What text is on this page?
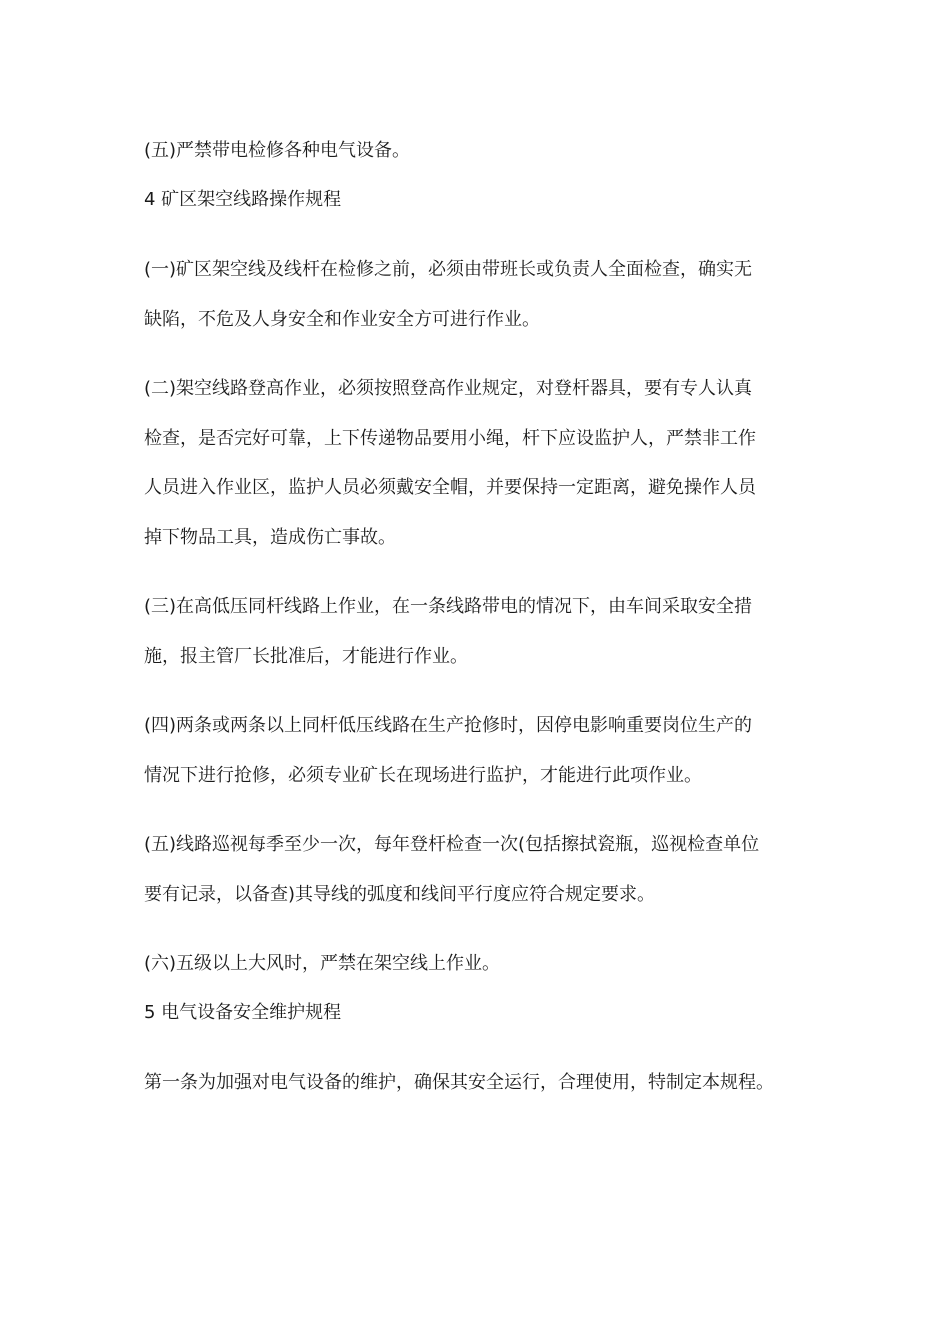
(五)严禁带电检修各种电气设备。
4 矿区架空线路操作规程
(一)矿区架空线及线杆在检修之前，必须由带班长或负责人全面检查，确实无
缺陷，不危及人身安全和作业安全方可进行作业。
(二)架空线路登高作业，必须按照登高作业规定，对登杆器具，要有专人认真
检查，是否完好可靠，上下传递物品要用小绳，杆下应设监护人，严禁非工作
人员进入作业区，监护人员必须戴安全帽，并要保持一定距离，避免操作人员
掉下物品工具，造成伤亡事故。
(三)在高低压同杆线路上作业，在一条线路带电的情况下，由车间采取安全措
施，报主管厂长批准后，才能进行作业。
(四)两条或两条以上同杆低压线路在生产抢修时，因停电影响重要岗位生产的
情况下进行抢修，必须专业矿长在现场进行监护，才能进行此项作业。
(五)线路巡视每季至少一次，每年登杆检查一次(包括擦拭瓷瓶，巡视检查单位
要有记录，以备查)其导线的弧度和线间平行度应符合规定要求。
(六)五级以上大风时，严禁在架空线上作业。
5 电气设备安全维护规程
第一条为加强对电气设备的维护，确保其安全运行，合理使用，特制定本规程。
